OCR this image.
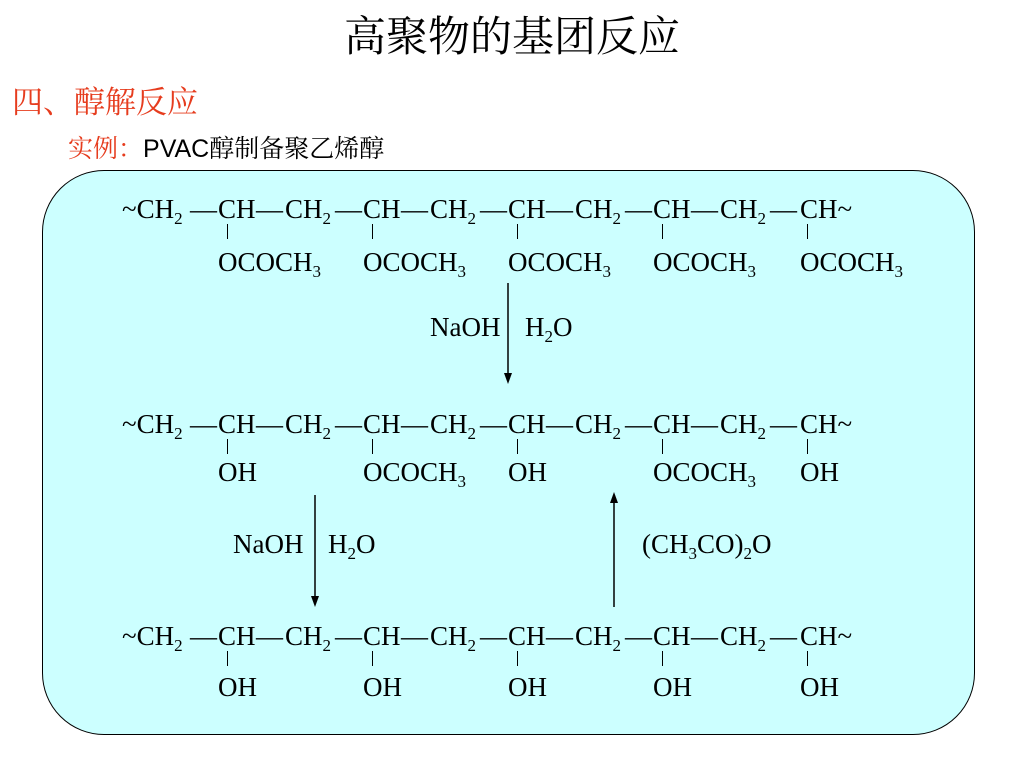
高聚物的基团反应
四、醇解反应
实例：PVAC醇制备聚乙烯醇
$\sim CH_2$ — CH — $CH_2$ — CH — $CH_2$ — CH — $CH_2$ — CH — $CH_2$ — CH~
$OCOCH_3$ $OCOCH_3$ $OCOCH_3$ $OCOCH_3$ $OCOCH_3$
$\sim CH_2$ — CH — $CH_2$ — CH — $CH_2$ — CH — $CH_2$ — CH — $CH_2$ — CH~
OH	$OCOCH_3$ OH	$OCOCH_3$ OH
$\sim CH_2$ — CH — $CH_2$ — CH — $CH_2$ — CH — $CH_2$ — CH — $CH_2$ — CH~
OH	OH	OH	OH	OH
NaOH $H_2O$
NaOH $H_2O$	$(CH_3CO)_2O$
